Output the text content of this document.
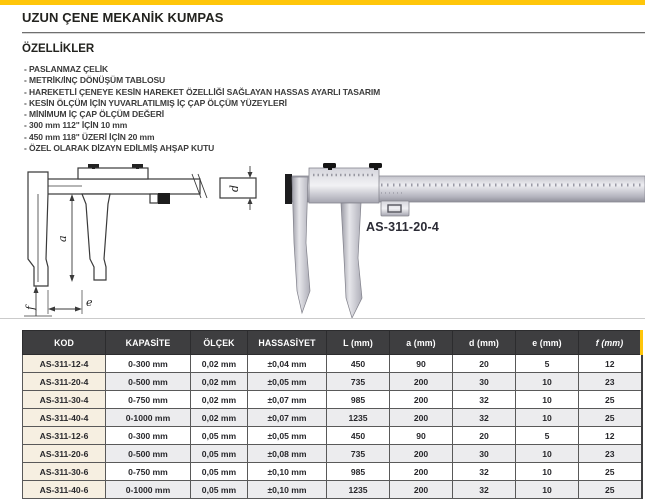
UZUN ÇENE MEKANİK KUMPAS
ÖZELLİKLER
- PASLANMAZ ÇELİK
- METRİK/İNÇ DÖNÜŞÜM TABLOSU
- HAREKETLİ ÇENEYE KESİN HAREKET ÖZELLİĞİ SAĞLAYAN HASSAS AYARLI TASARIM
- KESİN ÖLÇÜM İÇİN YUVARLATILMIŞ İÇ ÇAP ÖLÇÜM YÜZEYLERİ
- MİNİMUM İÇ ÇAP ÖLÇÜM DEĞERİ
- 300 mm 112" İÇİN 10 mm
- 450 mm 118" ÜZERİ İÇİN 20 mm
- ÖZEL OLARAK DİZAYN EDİLMİŞ AHŞAP KUTU
a
d
e
f
AS-311-20-4
KOD	KAPASİTE	ÖLÇEK	HASSASİYET	L (mm)	a (mm)	d (mm)	e (mm)	f (mm)
AS-311-12-4	0-300 mm	0,02 mm	±0,04 mm	450	90	20	5	12
AS-311-20-4	0-500 mm	0,02 mm	±0,05 mm	735	200	30	10	23
AS-311-30-4	0-750 mm	0,02 mm	±0,07 mm	985	200	32	10	25
AS-311-40-4	0-1000 mm	0,02 mm	±0,07 mm	1235	200	32	10	25
AS-311-12-6	0-300 mm	0,05 mm	±0,05 mm	450	90	20	5	12
AS-311-20-6	0-500 mm	0,05 mm	±0,08 mm	735	200	30	10	23
AS-311-30-6	0-750 mm	0,05 mm	±0,10 mm	985	200	32	10	25
AS-311-40-6	0-1000 mm	0,05 mm	±0,10 mm	1235	200	32	10	25
